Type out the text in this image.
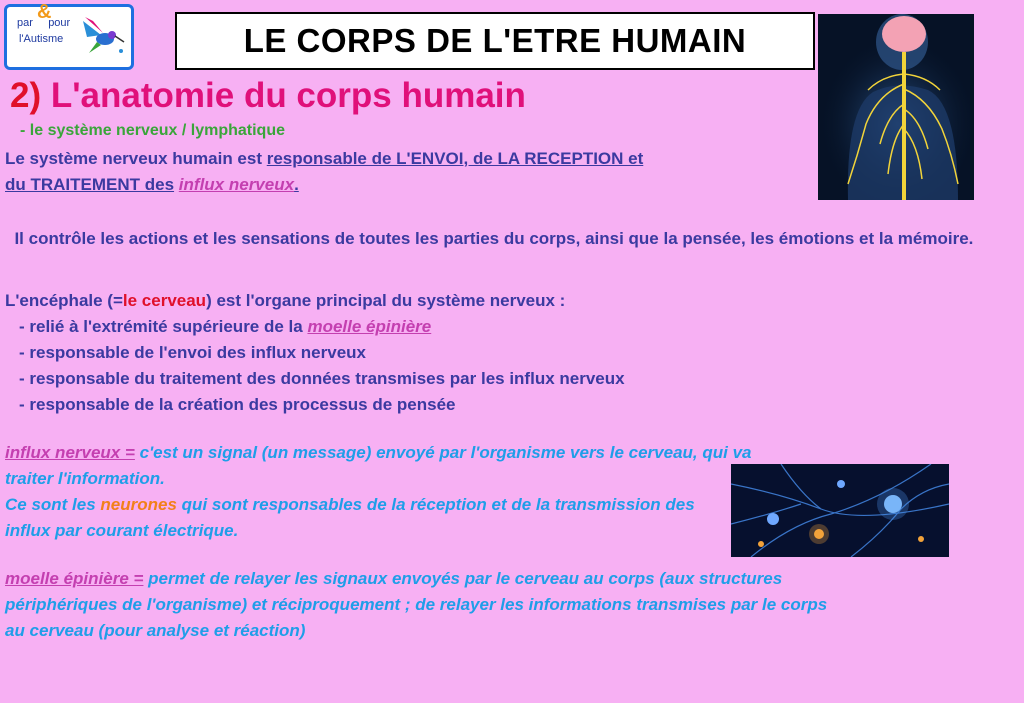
par pour
&
l'Autisme	LE CORPS DE L'ETRE HUMAIN
2) L'anatomie du corps humain
- le système nerveux / lymphatique
Le système nerveux humain est responsable de L'ENVOI, de LA RECEPTION et
du TRAITEMENT des influx nerveux.
Il contrôle les actions et les sensations de toutes les parties du corps, ainsi que la pensée, les émotions et la mémoire.
L'encéphale (=le cerveau) est l'organe principal du système nerveux :
- relié à l'extrémité supérieure de la moelle épinière
- responsable de l'envoi des influx nerveux
- responsable du traitement des données transmises par les influx nerveux
- responsable de la création des processus de pensée
influx nerveux = c'est un signal (un message) envoyé par l'organisme vers le cerveau, qui va traiter l'information.
Ce sont les neurones qui sont responsables de la réception et de la transmission des influx par courant électrique.
moelle épinière = permet de relayer les signaux envoyés par le cerveau au corps (aux structures périphériques de l'organisme) et réciproquement ; de relayer les informations transmises par le corps au cerveau (pour analyse et réaction)
